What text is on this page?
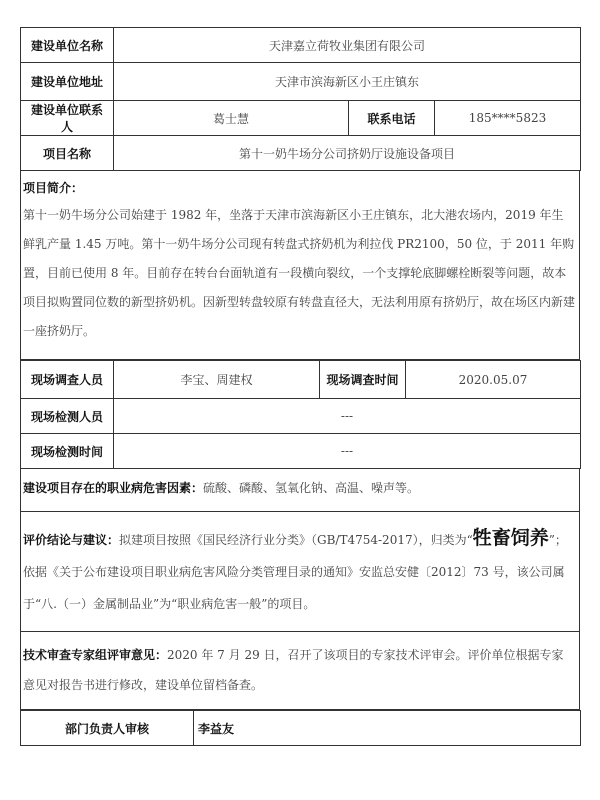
建设单位名称	天津嘉立荷牧业集团有限公司		
建设单位地址	天津市滨海新区小王庄镇东		
建设单位联系人	葛士慧	联系电话	185****5823
项目名称	第十一奶牛场分公司挤奶厅设施设备项目		
项目简介：
第十一奶牛场分公司始建于 1982 年，坐落于天津市滨海新区小王庄镇东，北大港农场内，2019 年生鲜乳产量 1.45 万吨。第十一奶牛场分公司现有转盘式挤奶机为利拉伐 PR2100，50 位，于 2011 年购置，目前已使用 8 年。目前存在转台台面轨道有一段横向裂纹，一个支撑轮底脚螺栓断裂等问题，故本项目拟购置同位数的新型挤奶机。因新型转盘较原有转盘直径大，无法利用原有挤奶厅，故在场区内新建一座挤奶厅。
现场调查人员	李宝、周建权	现场调查时间	2020.05.07
现场检测人员	---		
现场检测时间	---		
建设项目存在的职业病危害因素：硫酸、磷酸、氢氧化钠、高温、噪声等。
评价结论与建议：拟建项目按照《国民经济行业分类》（GB/T4754-2017），归类为“牲畜饲养”；依据《关于公布建设项目职业病危害风险分类管理目录的通知》安监总安健〔2012〕73 号，该公司属于“八.（一）金属制品业”为“职业病危害一般”的项目。
技术审查专家组评审意见：2020 年 7 月 29 日，召开了该项目的专家技术评审会。评价单位根据专家意见对报告书进行修改，建设单位留档备查。
部门负责人审核	李益友
